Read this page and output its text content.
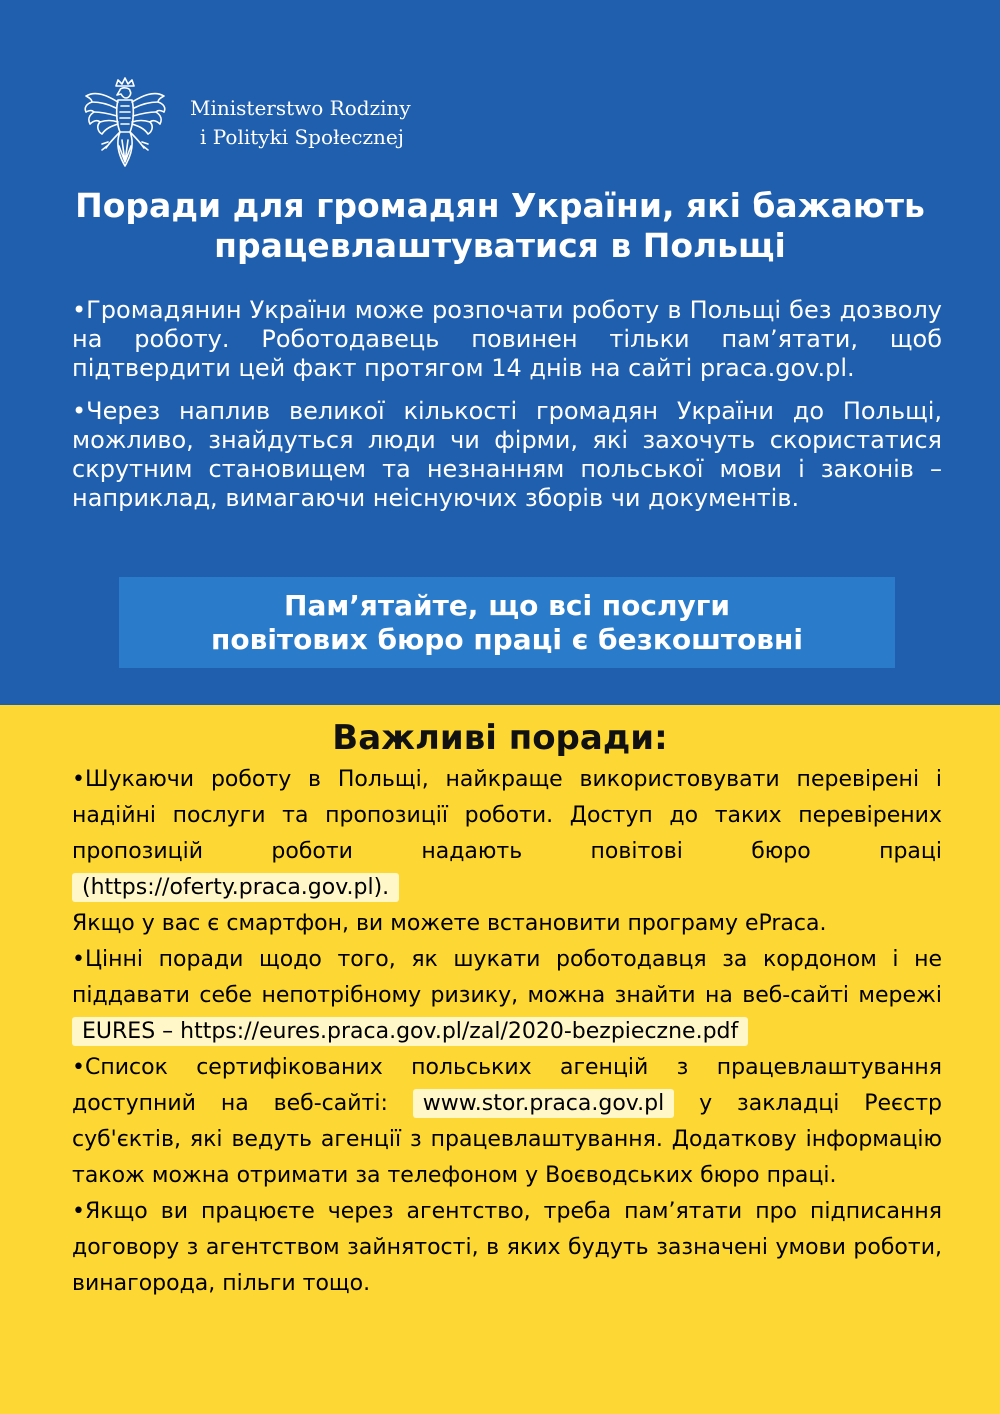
Ministerstwo Rodziny
i Polityki Społecznej
Поради для громадян України, які бажають
працевлаштуватися в Польщі

•Громадянин України може розпочати роботу в Польщі без дозволу на роботу. Роботодавець повинен тільки пам’ятати, щоб підтвердити цей факт протягом 14 днів на сайті praca.gov.pl.

•Через наплив великої кількості громадян України до Польщі, можливо, знайдуться люди чи фірми, які захочуть скористатися скрутним становищем та незнанням польської мови і законів – наприклад, вимагаючи неіснуючих зборів чи документів.

Пам’ятайте, що всі послуги
повітових бюро праці є безкоштовні
Важливі поради:

•Шукаючи роботу в Польщі, найкраще використовувати перевірені і надійні послуги та пропозиції роботи. Доступ до таких перевірених пропозицій роботи надають повітові бюро праці (https://oferty.praca.gov.pl).

Якщо у вас є смартфон, ви можете встановити програму ePraca.

•Цінні поради щодо того, як шукати роботодавця за кордоном і не піддавати себе непотрібному ризику, можна знайти на веб-сайті мережі EURES – https://eures.praca.gov.pl/zal/2020-bezpieczne.pdf

•Список сертифікованих польських агенцій з працевлаштування доступний на веб-сайті: www.stor.praca.gov.pl у закладці Реєстр суб'єктів, які ведуть агенції з працевлаштування. Додаткову інформацію також можна отримати за телефоном у Воєводських бюро праці.

•Якщо ви працюєте через агентство, треба пам’ятати про підписання договору з агентством зайнятості, в яких будуть зазначені умови роботи, винагорода, пільги тощо.
